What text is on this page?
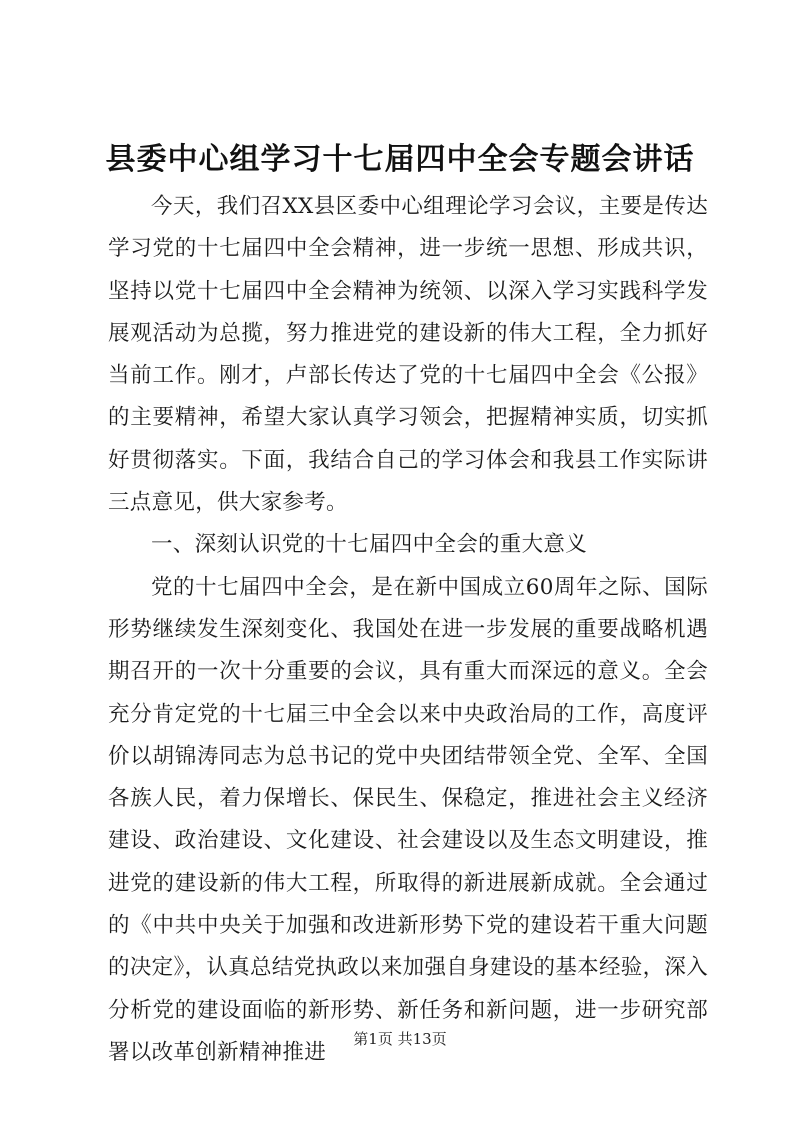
县委中心组学习十七届四中全会专题会讲话

今天，我们召XX县区委中心组理论学习会议，主要是传达学习党的十七届四中全会精神，进一步统一思想、形成共识，坚持以党十七届四中全会精神为统领、以深入学习实践科学发展观活动为总揽，努力推进党的建设新的伟大工程，全力抓好当前工作。刚才，卢部长传达了党的十七届四中全会《公报》的主要精神，希望大家认真学习领会，把握精神实质，切实抓好贯彻落实。下面，我结合自己的学习体会和我县工作实际讲三点意见，供大家参考。

一、深刻认识党的十七届四中全会的重大意义

党的十七届四中全会，是在新中国成立60周年之际、国际形势继续发生深刻变化、我国处在进一步发展的重要战略机遇期召开的一次十分重要的会议，具有重大而深远的意义。全会充分肯定党的十七届三中全会以来中央政治局的工作，高度评价以胡锦涛同志为总书记的党中央团结带领全党、全军、全国各族人民，着力保增长、保民生、保稳定，推进社会主义经济建设、政治建设、文化建设、社会建设以及生态文明建设，推进党的建设新的伟大工程，所取得的新进展新成就。全会通过的《中共中央关于加强和改进新形势下党的建设若干重大问题的决定》，认真总结党执政以来加强自身建设的基本经验，深入分析党的建设面临的新形势、新任务和新问题，进一步研究部署以改革创新精神推进

第1页 共13页
